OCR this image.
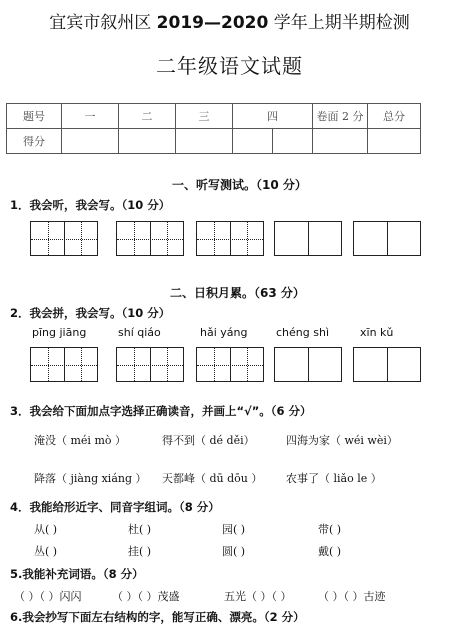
宜宾市叙州区 2019—2020 学年上期半期检测
二年级语文试题
题号	一	二	三	四		卷面 2 分	总分
得分							
一、听写测试。（10 分）
1．我会听，我会写。（10 分）
二、日积月累。（63 分）
2．我会拼，我会写。（10 分）
pīng jiāng	shí qiáo	hǎi yáng	chéng shì	xīn kǔ
3．我会给下面加点字选择正确读音，并画上“√”。（6 分）
淹没（ méi mò ）	得不到（ dé děi）	四海为家（ wéi wèi）
降落（ jiàng xiáng ） 天都峰（ dū dōu ） 农事了（ liǎo le ）
4．我能给形近字、同音字组词。（8 分）
从( )	杜( )	园( )	带( )
丛( )	挂( )	圆( )	戴( )
5.我能补充词语。（8 分）
（ ）（ ）闪闪	（ ）（ ）茂盛	五光（ ）（ ） （ ）（ ）古迹
6.我会抄写下面左右结构的字，能写正确、漂亮。（2 分）
